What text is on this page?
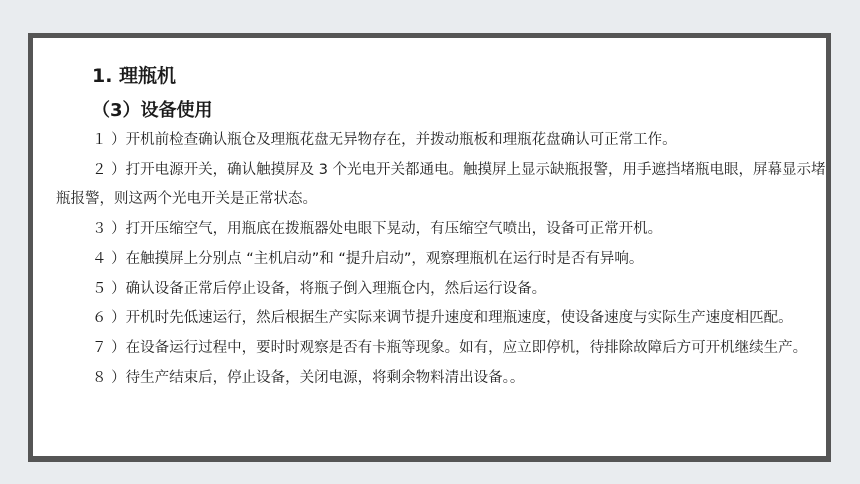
1. 理瓶机
（3）设备使用

１ ）开机前检查确认瓶仓及理瓶花盘无异物存在，并拨动瓶板和理瓶花盘确认可正常工作。

２ ）打开电源开关，确认触摸屏及 3 个光电开关都通电。触摸屏上显示缺瓶报警，用手遮挡堵瓶电眼，屏幕显示堵瓶报警，则这两个光电开关是正常状态。

３ ）打开压缩空气，用瓶底在拨瓶器处电眼下晃动，有压缩空气喷出，设备可正常开机。

４ ）在触摸屏上分别点 “主机启动”和 “提升启动”，观察理瓶机在运行时是否有异响。

５ ）确认设备正常后停止设备，将瓶子倒入理瓶仓内，然后运行设备。

６ ）开机时先低速运行，然后根据生产实际来调节提升速度和理瓶速度，使设备速度与实际生产速度相匹配。

７ ）在设备运行过程中，要时时观察是否有卡瓶等现象。如有，应立即停机，待排除故障后方可开机继续生产。

８ ）待生产结束后，停止设备，关闭电源，将剩余物料清出设备。。
